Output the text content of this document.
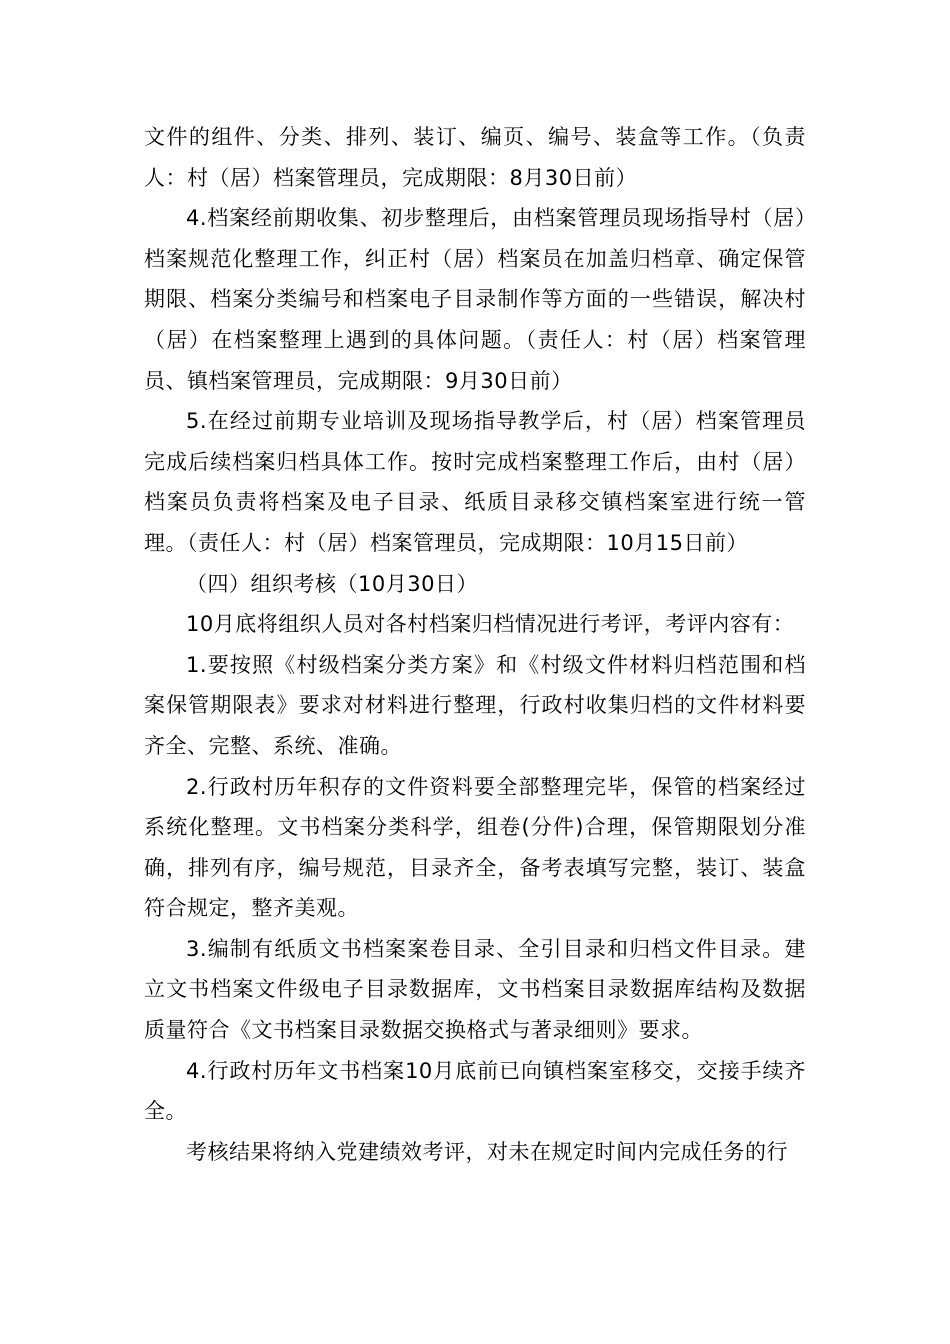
文件的组件、分类、排列、装订、编页、编号、装盒等工作。（负责人：村（居）档案管理员，完成期限：8月30日前）

4.档案经前期收集、初步整理后，由档案管理员现场指导村（居）档案规范化整理工作，纠正村（居）档案员在加盖归档章、确定保管期限、档案分类编号和档案电子目录制作等方面的一些错误，解决村（居）在档案整理上遇到的具体问题。（责任人：村（居）档案管理员、镇档案管理员，完成期限：9月30日前）

5.在经过前期专业培训及现场指导教学后，村（居）档案管理员完成后续档案归档具体工作。按时完成档案整理工作后，由村（居）档案员负责将档案及电子目录、纸质目录移交镇档案室进行统一管理。（责任人：村（居）档案管理员，完成期限：10月15日前）

（四）组织考核（10月30日）

10月底将组织人员对各村档案归档情况进行考评，考评内容有：

1.要按照《村级档案分类方案》和《村级文件材料归档范围和档案保管期限表》要求对材料进行整理，行政村收集归档的文件材料要齐全、完整、系统、准确。

2.行政村历年积存的文件资料要全部整理完毕，保管的档案经过系统化整理。文书档案分类科学，组卷(分件)合理，保管期限划分准确，排列有序，编号规范，目录齐全，备考表填写完整，装订、装盒符合规定，整齐美观。

3.编制有纸质文书档案案卷目录、全引目录和归档文件目录。建立文书档案文件级电子目录数据库，文书档案目录数据库结构及数据质量符合《文书档案目录数据交换格式与著录细则》要求。

4.行政村历年文书档案10月底前已向镇档案室移交，交接手续齐全。

考核结果将纳入党建绩效考评，对未在规定时间内完成任务的行
